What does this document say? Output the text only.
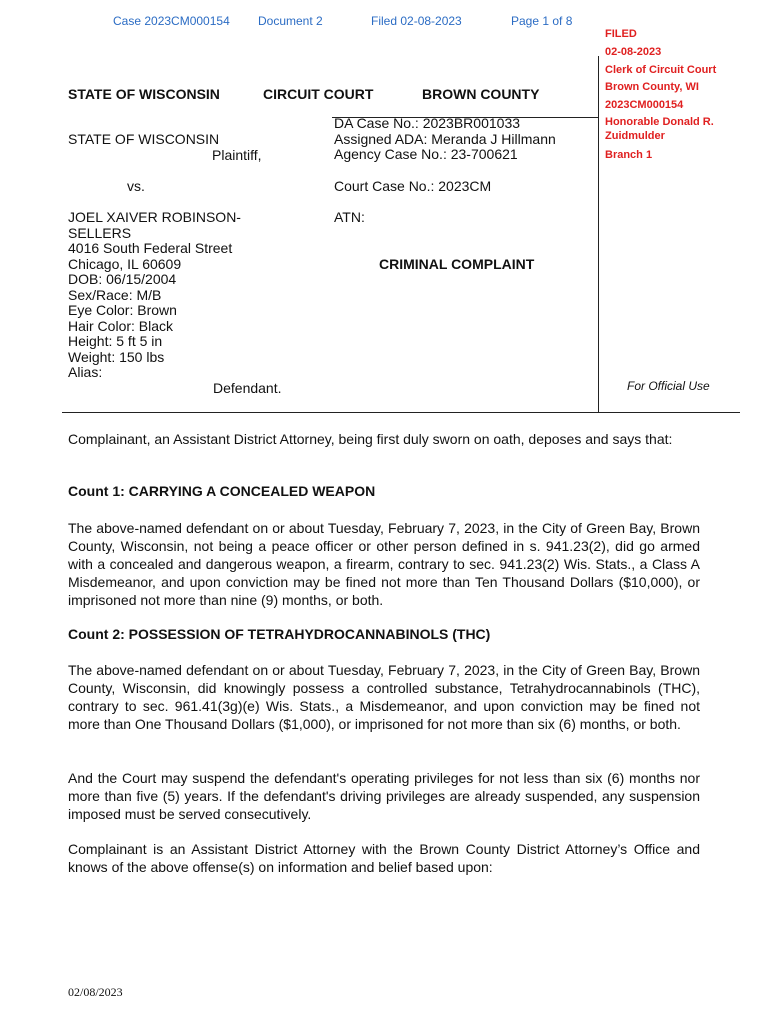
Case 2023CM000154 Document 2	Filed 02-08-2023	Page 1 of 8
FILED
02-08-2023
Clerk of Circuit Court
Brown County, WI
2023CM000154
Honorable Donald R.
Zuidmulder
Branch 1
STATE OF WISCONSIN	CIRCUIT COURT	BROWN COUNTY
STATE OF WISCONSIN
Plaintiff,
vs.
JOEL XAIVER ROBINSON-
SELLERS
4016 South Federal Street
Chicago, IL 60609
DOB: 06/15/2004
Sex/Race: M/B
Eye Color: Brown
Hair Color: Black
Height: 5 ft 5 in
Weight: 150 lbs
Alias:
Defendant.
DA Case No.: 2023BR001033
Assigned ADA: Meranda J Hillmann
Agency Case No.: 23-700621
Court Case No.: 2023CM
ATN:
CRIMINAL COMPLAINT
For Official Use
Complainant, an Assistant District Attorney, being first duly sworn on oath, deposes and says that:
Count 1: CARRYING A CONCEALED WEAPON
The above-named defendant on or about Tuesday, February 7, 2023, in the City of Green Bay, Brown County, Wisconsin, not being a peace officer or other person defined in s. 941.23(2), did go armed with a concealed and dangerous weapon, a firearm, contrary to sec. 941.23(2) Wis. Stats., a Class A Misdemeanor, and upon conviction may be fined not more than Ten Thousand Dollars ($10,000), or imprisoned not more than nine (9) months, or both.
Count 2: POSSESSION OF TETRAHYDROCANNABINOLS (THC)
The above-named defendant on or about Tuesday, February 7, 2023, in the City of Green Bay, Brown County, Wisconsin, did knowingly possess a controlled substance, Tetrahydrocannabinols (THC), contrary to sec. 961.41(3g)(e) Wis. Stats., a Misdemeanor, and upon conviction may be fined not more than One Thousand Dollars ($1,000), or imprisoned for not more than six (6) months, or both.
And the Court may suspend the defendant's operating privileges for not less than six (6) months nor more than five (5) years. If the defendant's driving privileges are already suspended, any suspension imposed must be served consecutively.
Complainant is an Assistant District Attorney with the Brown County District Attorney’s Office and knows of the above offense(s) on information and belief based upon:
02/08/2023
